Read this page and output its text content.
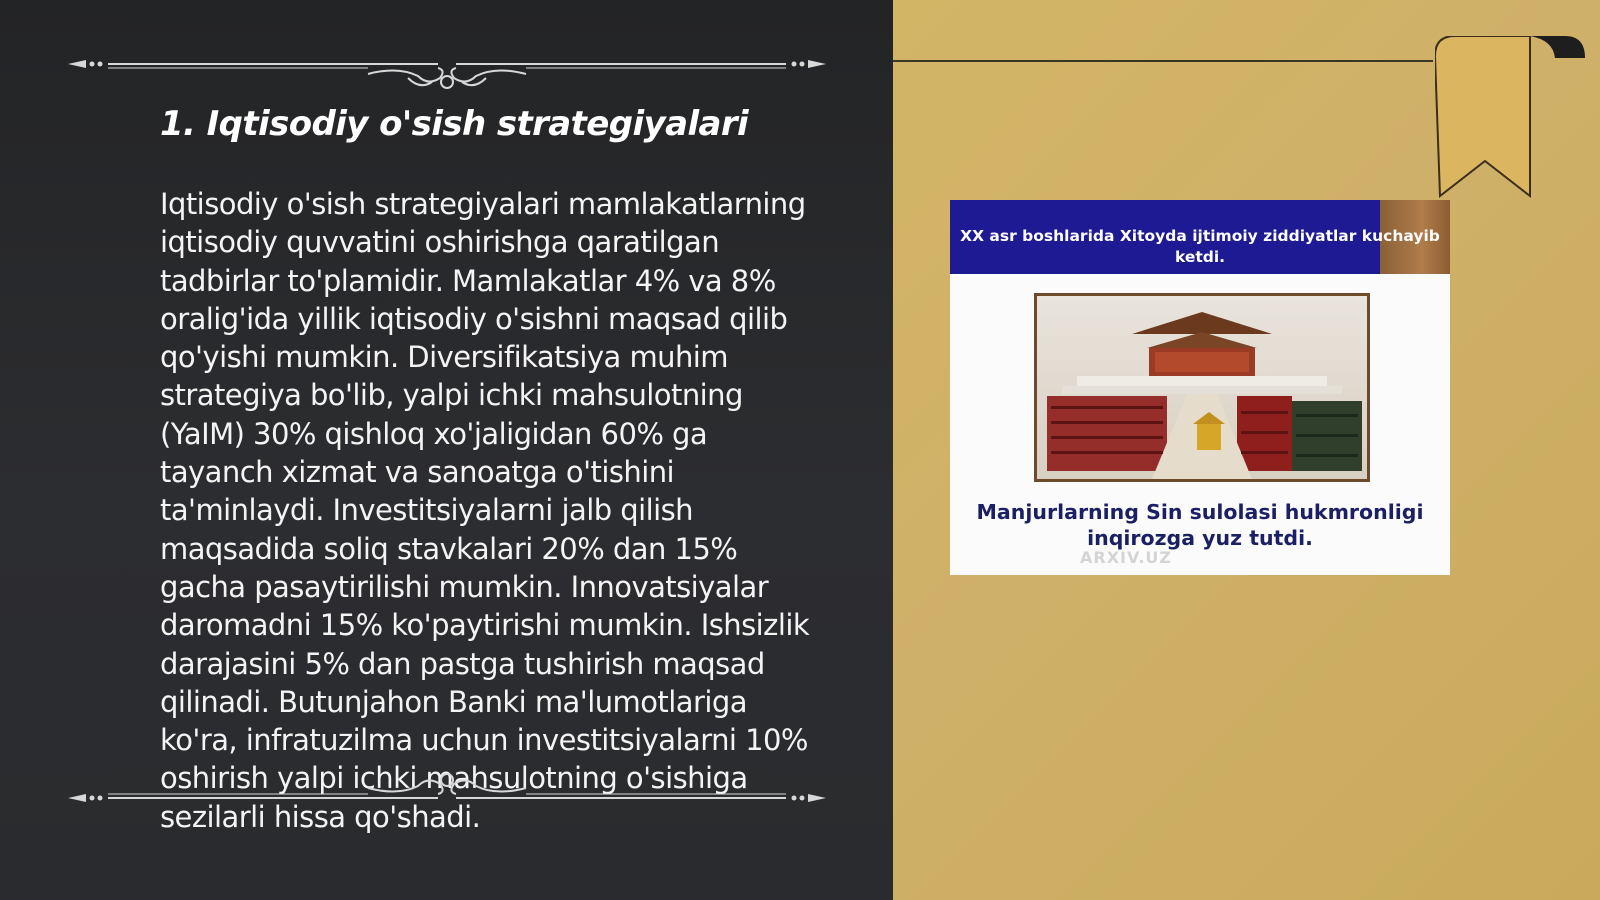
1. Iqtisodiy o'sish strategiyalari

Iqtisodiy o'sish strategiyalari mamlakatlarning iqtisodiy quvvatini oshirishga qaratilgan tadbirlar to'plamidir. Mamlakatlar 4% va 8% oralig'ida yillik iqtisodiy o'sishni maqsad qilib qo'yishi mumkin. Diversifikatsiya muhim strategiya bo'lib, yalpi ichki mahsulotning (YaIM) 30% qishloq xo'jaligidan 60% ga tayanch xizmat va sanoatga o'tishini ta'minlaydi. Investitsiyalarni jalb qilish maqsadida soliq stavkalari 20% dan 15% gacha pasaytirilishi mumkin. Innovatsiyalar daromadni 15% ko'paytirishi mumkin. Ishsizlik darajasini 5% dan pastga tushirish maqsad qilinadi. Butunjahon Banki ma'lumotlariga ko'ra, infratuzilma uchun investitsiyalarni 10% oshirish yalpi ichki mahsulotning o'sishiga sezilarli hissa qo'shadi.

XX asr boshlarida Xitoyda ijtimoiy ziddiyatlar kuchayib ketdi.

Manjurlarning Sin sulolasi hukmronligi inqirozga yuz tutdi.

ARXIV.UZ
